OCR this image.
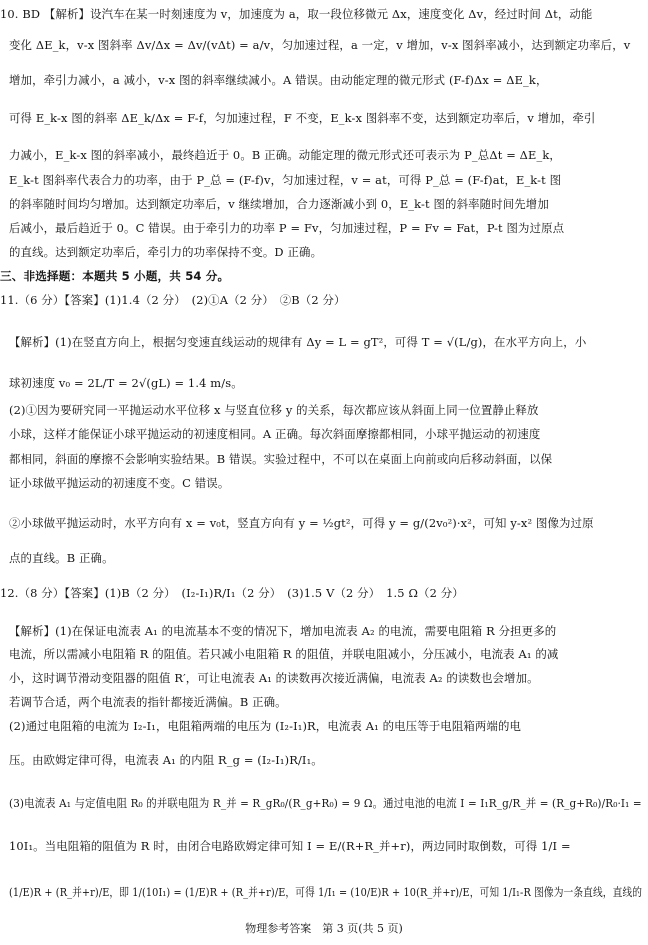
10. BD 【解析】设汽车在某一时刻速度为 v，加速度为 a，取一段位移微元 Δx，速度变化 Δv，经过时间 Δt，动能
变化 ΔE_k，v-x 图斜率 Δv/Δx = Δv/(vΔt) = a/v，匀加速过程，a 一定，v 增加，v-x 图斜率减小，达到额定功率后，v
增加，牵引力减小，a 减小，v-x 图的斜率继续减小。A 错误。由动能定理的微元形式 (F-f)Δx = ΔE_k，
可得 E_k-x 图的斜率 ΔE_k/Δx = F-f，匀加速过程，F 不变，E_k-x 图斜率不变，达到额定功率后，v 增加，牵引
力减小，E_k-x 图的斜率减小，最终趋近于 0。B 正确。动能定理的微元形式还可表示为 P_总Δt = ΔE_k，
E_k-t 图斜率代表合力的功率，由于 P_总 = (F-f)v，匀加速过程，v = at，可得 P_总 = (F-f)at，E_k-t 图
的斜率随时间均匀增加。达到额定功率后，v 继续增加，合力逐渐减小到 0，E_k-t 图的斜率随时间先增加
后减小，最后趋近于 0。C 错误。由于牵引力的功率 P = Fv，匀加速过程，P = Fv = Fat，P-t 图为过原点
的直线。达到额定功率后，牵引力的功率保持不变。D 正确。
三、非选择题：本题共 5 小题，共 54 分。
11.（6 分）【答案】(1)1.4（2 分）　(2)①A（2 分）　②B（2 分）
【解析】(1)在竖直方向上，根据匀变速直线运动的规律有 Δy = L = gT²，可得 T = √(L/g)，在水平方向上，小
球初速度 v₀ = 2L/T = 2√(gL) = 1.4 m/s。
(2)①因为要研究同一平抛运动水平位移 x 与竖直位移 y 的关系，每次都应该从斜面上同一位置静止释放
小球，这样才能保证小球平抛运动的初速度相同。A 正确。每次斜面摩擦都相同，小球平抛运动的初速度
都相同，斜面的摩擦不会影响实验结果。B 错误。实验过程中，不可以在桌面上向前或向后移动斜面，以保
证小球做平抛运动的初速度不变。C 错误。
②小球做平抛运动时，水平方向有 x = v₀t，竖直方向有 y = ½gt²，可得 y = g/(2v₀²)·x²，可知 y-x² 图像为过原
点的直线。B 正确。
12.（8 分）【答案】(1)B（2 分）　(I₂-I₁)R/I₁（2 分）　(3)1.5 V（2 分）　1.5 Ω（2 分）
【解析】(1)在保证电流表 A₁ 的电流基本不变的情况下，增加电流表 A₂ 的电流，需要电阻箱 R 分担更多的
电流，所以需减小电阻箱 R 的阻值。若只减小电阻箱 R 的阻值，并联电阻减小，分压减小，电流表 A₁ 的减
小，这时调节滑动变阻器的阻值 R′，可让电流表 A₁ 的读数再次接近满偏，电流表 A₂ 的读数也会增加。
若调节合适，两个电流表的指针都接近满偏。B 正确。
(2)通过电阻箱的电流为 I₂-I₁，电阻箱两端的电压为 (I₂-I₁)R，电流表 A₁ 的电压等于电阻箱两端的电
压。由欧姆定律可得，电流表 A₁ 的内阻 R_g = (I₂-I₁)R/I₁。
(3)电流表 A₁ 与定值电阻 R₀ 的并联电阻为 R_并 = R_gR₀/(R_g+R₀) = 9 Ω。通过电池的电流 I = I₁R_g/R_并 = (R_g+R₀)/R₀·I₁ =
10I₁。当电阻箱的阻值为 R 时，由闭合电路欧姆定律可知 I = E/(R+R_并+r)，两边同时取倒数，可得 1/I =
(1/E)R + (R_并+r)/E，即 1/(10I₁) = (1/E)R + (R_并+r)/E，可得 1/I₁ = (10/E)R + 10(R_并+r)/E，可知 1/I₁-R 图像为一条直线，直线的
物理参考答案　第 3 页(共 5 页)
